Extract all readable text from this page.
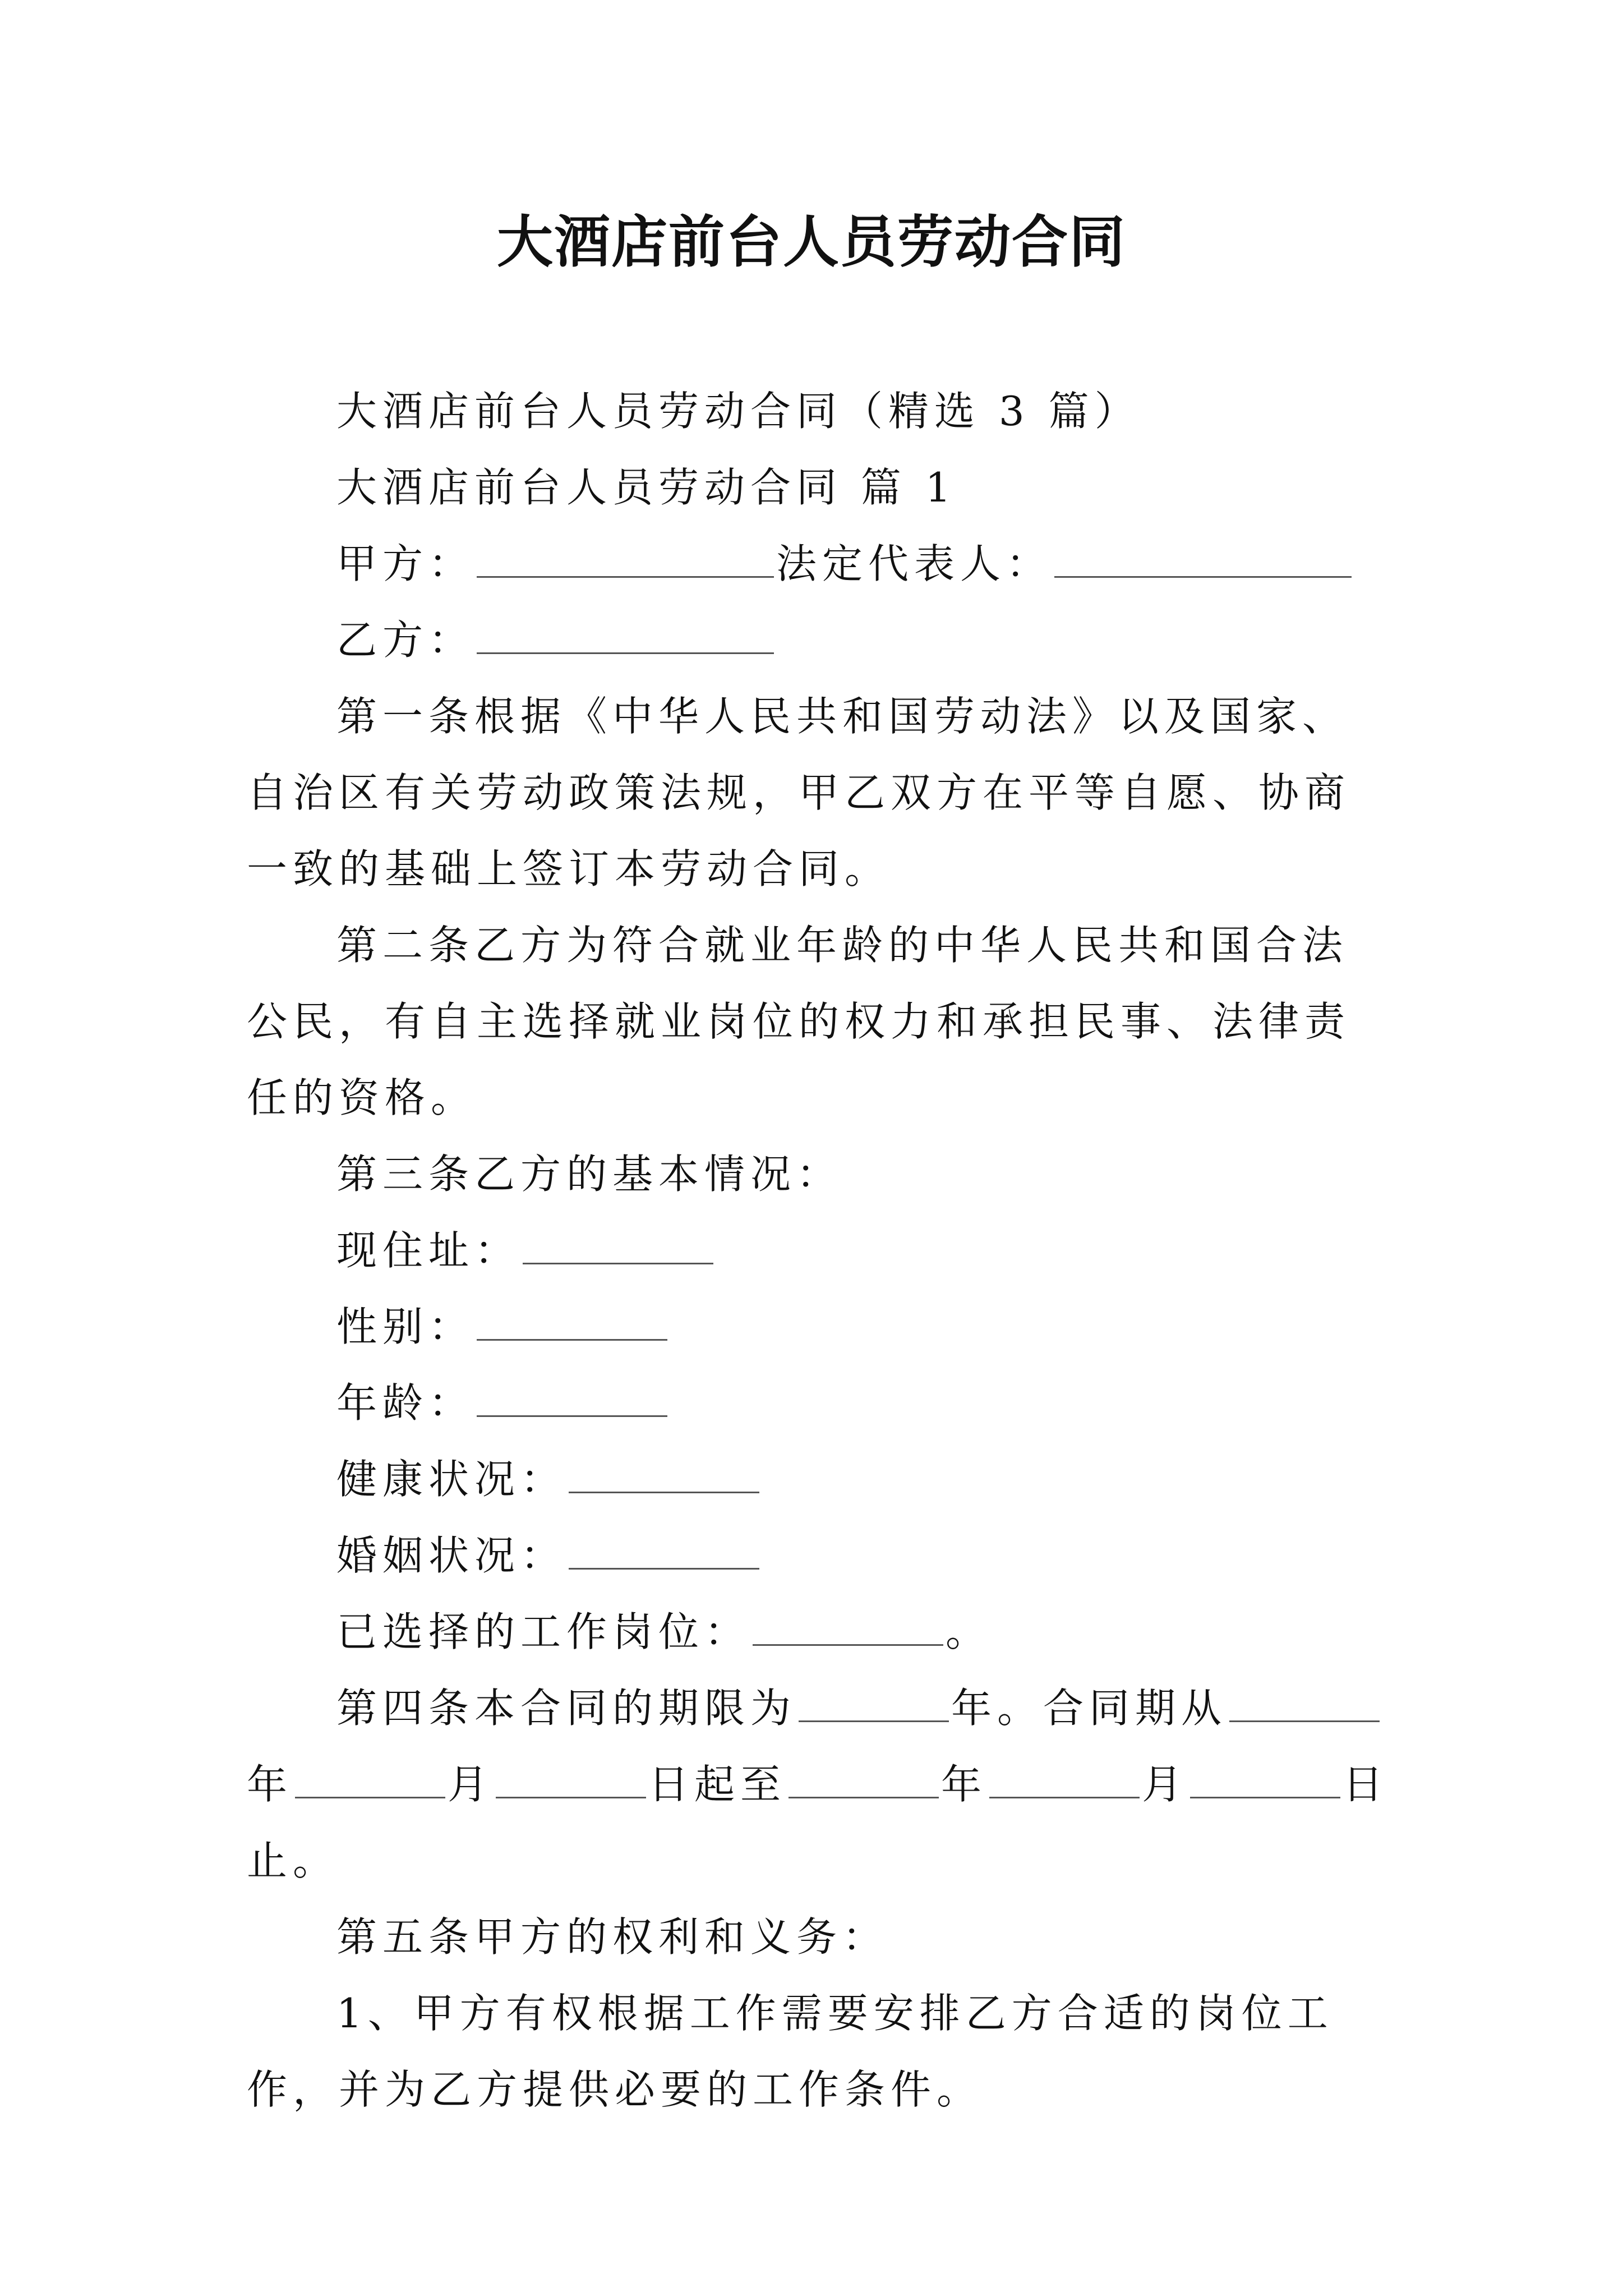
大酒店前台人员劳动合同

大酒店前台人员劳动合同（精选 3 篇）

大酒店前台人员劳动合同 篇 1

甲方：	法定代表人：

乙方：

第一条根据《中华人民共和国劳动法》以及国家、自治区有关劳动政策法规，甲乙双方在平等自愿、协商一致的基础上签订本劳动合同。

第二条乙方为符合就业年龄的中华人民共和国合法公民，有自主选择就业岗位的权力和承担民事、法律责任的资格。

第三条乙方的基本情况：

现住址：

性别：

年龄：

健康状况：

婚姻状况：

已选择的工作岗位：	。

第四条本合同的期限为	年。合同期从年	月	日起至	年	月	日止。

第五条甲方的权利和义务：

1、甲方有权根据工作需要安排乙方合适的岗位工作，并为乙方提供必要的工作条件。
